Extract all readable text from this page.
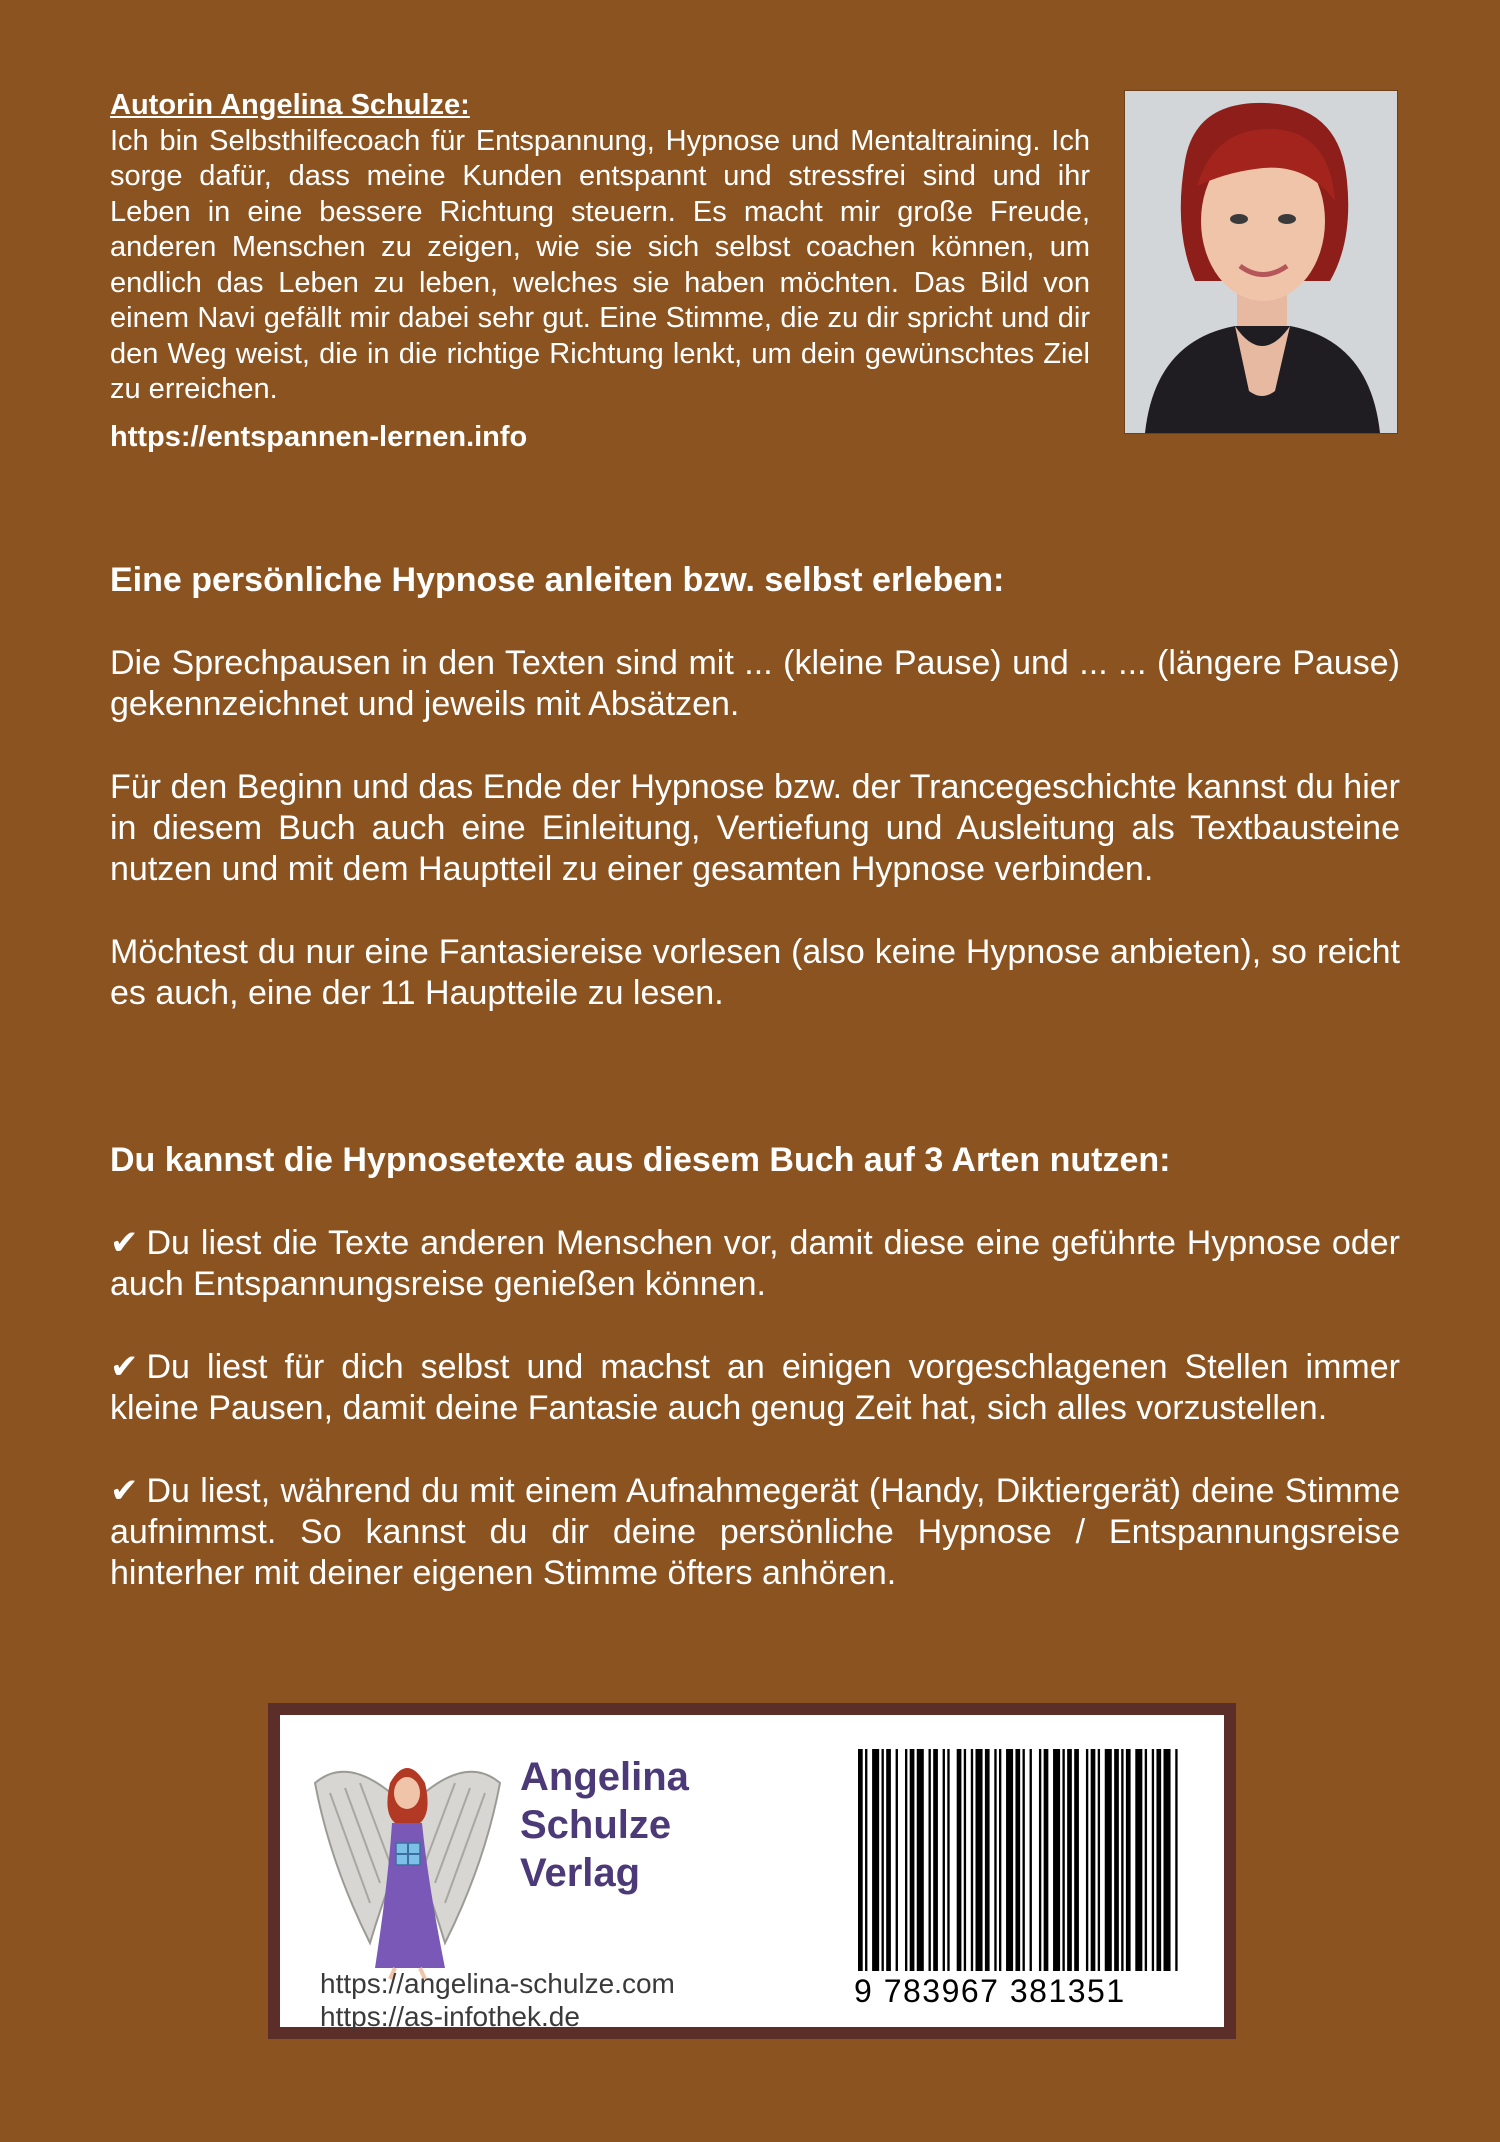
Autorin Angelina Schulze:
Ich bin Selbsthilfecoach für Entspannung, Hypnose und Mentaltraining. Ich sorge dafür, dass meine Kunden entspannt und stressfrei sind und ihr Leben in eine bessere Richtung steuern. Es macht mir große Freude, anderen Menschen zu zeigen, wie sie sich selbst coachen können, um endlich das Leben zu leben, welches sie haben möchten. Das Bild von einem Navi gefällt mir dabei sehr gut. Eine Stimme, die zu dir spricht und dir den Weg weist, die in die richtige Richtung lenkt, um dein gewünschtes Ziel zu erreichen.
https://entspannen-lernen.info
Eine persönliche Hypnose anleiten bzw. selbst erleben:
Die Sprechpausen in den Texten sind mit ... (kleine Pause) und ... ... (längere Pause) gekennzeichnet und jeweils mit Absätzen.
Für den Beginn und das Ende der Hypnose bzw. der Trancegeschichte kannst du hier in diesem Buch auch eine Einleitung, Vertiefung und Ausleitung als Textbausteine nutzen und mit dem Hauptteil zu einer gesamten Hypnose verbinden.
Möchtest du nur eine Fantasiereise vorlesen (also keine Hypnose anbieten), so reicht es auch, eine der 11 Hauptteile zu lesen.
Du kannst die Hypnosetexte aus diesem Buch auf 3 Arten nutzen:
✔ Du liest die Texte anderen Menschen vor, damit diese eine geführte Hypnose oder auch Entspannungsreise genießen können.
✔ Du liest für dich selbst und machst an einigen vorgeschlagenen Stellen immer kleine Pausen, damit deine Fantasie auch genug Zeit hat, sich alles vorzustellen.
✔ Du liest, während du mit einem Aufnahmegerät (Handy, Diktiergerät) deine Stimme aufnimmst. So kannst du dir deine persönliche Hypnose / Entspannungsreise hinterher mit deiner eigenen Stimme öfters anhören.
Angelina
Schulze
Verlag
https://angelina-schulze.com
https://as-infothek.de
9 783967 381351
